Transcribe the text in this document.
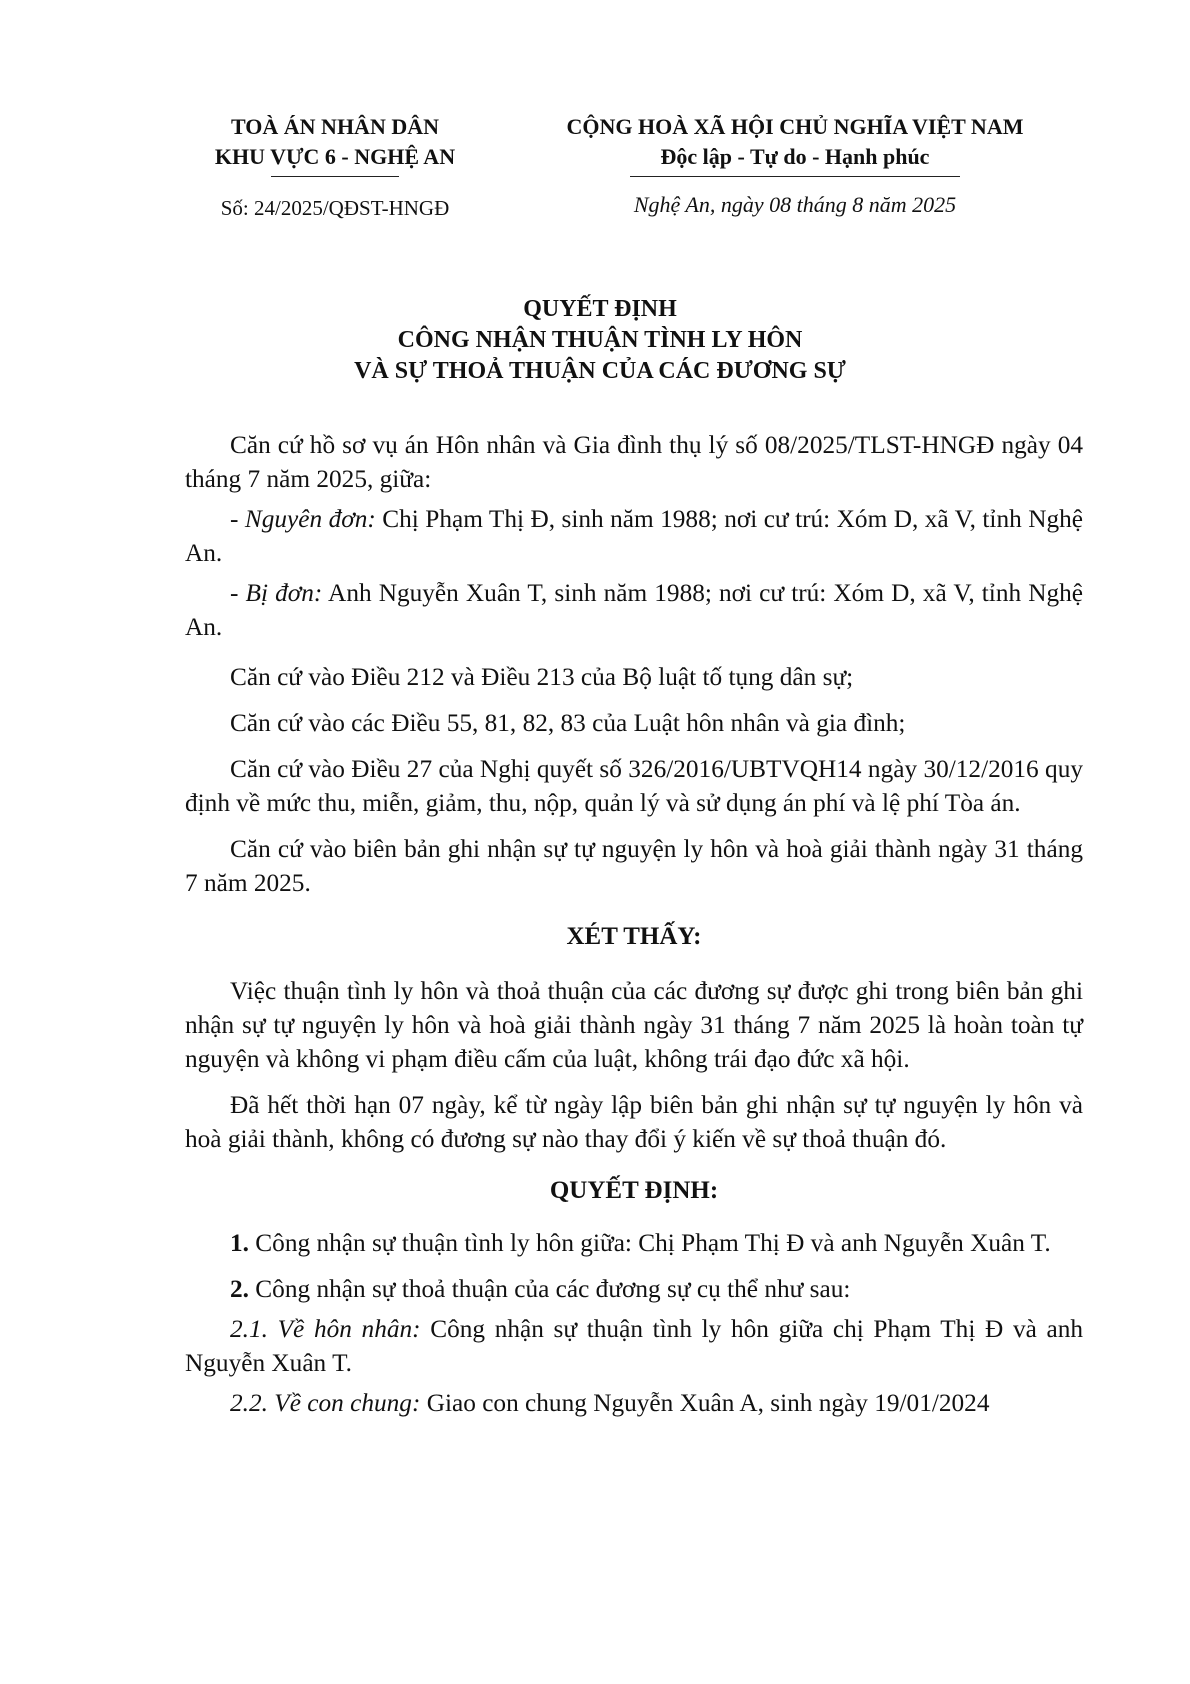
TOÀ ÁN NHÂN DÂN
KHU VỰC 6 - NGHỆ AN
CỘNG HOÀ XÃ HỘI CHỦ NGHĨA VIỆT NAM
Độc lập - Tự do - Hạnh phúc
Số: 24/2025/QĐST-HNGĐ	Nghệ An, ngày 08 tháng 8 năm 2025
QUYẾT ĐỊNH
CÔNG NHẬN THUẬN TÌNH LY HÔN
VÀ SỰ THOẢ THUẬN CỦA CÁC ĐƯƠNG SỰ

Căn cứ hồ sơ vụ án Hôn nhân và Gia đình thụ lý số 08/2025/TLST-HNGĐ ngày 04 tháng 7 năm 2025, giữa:

- Nguyên đơn: Chị Phạm Thị Đ, sinh năm 1988; nơi cư trú: Xóm D, xã V, tỉnh Nghệ An.

- Bị đơn: Anh Nguyễn Xuân T, sinh năm 1988; nơi cư trú: Xóm D, xã V, tỉnh Nghệ An.

Căn cứ vào Điều 212 và Điều 213 của Bộ luật tố tụng dân sự;

Căn cứ vào các Điều 55, 81, 82, 83 của Luật hôn nhân và gia đình;

Căn cứ vào Điều 27 của Nghị quyết số 326/2016/UBTVQH14 ngày 30/12/2016 quy định về mức thu, miễn, giảm, thu, nộp, quản lý và sử dụng án phí và lệ phí Tòa án.

Căn cứ vào biên bản ghi nhận sự tự nguyện ly hôn và hoà giải thành ngày 31 tháng 7 năm 2025.

XÉT THẤY:

Việc thuận tình ly hôn và thoả thuận của các đương sự được ghi trong biên bản ghi nhận sự tự nguyện ly hôn và hoà giải thành ngày 31 tháng 7 năm 2025 là hoàn toàn tự nguyện và không vi phạm điều cấm của luật, không trái đạo đức xã hội.

Đã hết thời hạn 07 ngày, kể từ ngày lập biên bản ghi nhận sự tự nguyện ly hôn và hoà giải thành, không có đương sự nào thay đổi ý kiến về sự thoả thuận đó.

QUYẾT ĐỊNH:

1. Công nhận sự thuận tình ly hôn giữa: Chị Phạm Thị Đ và anh Nguyễn Xuân T.

2. Công nhận sự thoả thuận của các đương sự cụ thể như sau:

2.1. Về hôn nhân: Công nhận sự thuận tình ly hôn giữa chị Phạm Thị Đ và anh Nguyễn Xuân T.

2.2. Về con chung: Giao con chung Nguyễn Xuân A, sinh ngày 19/01/2024
